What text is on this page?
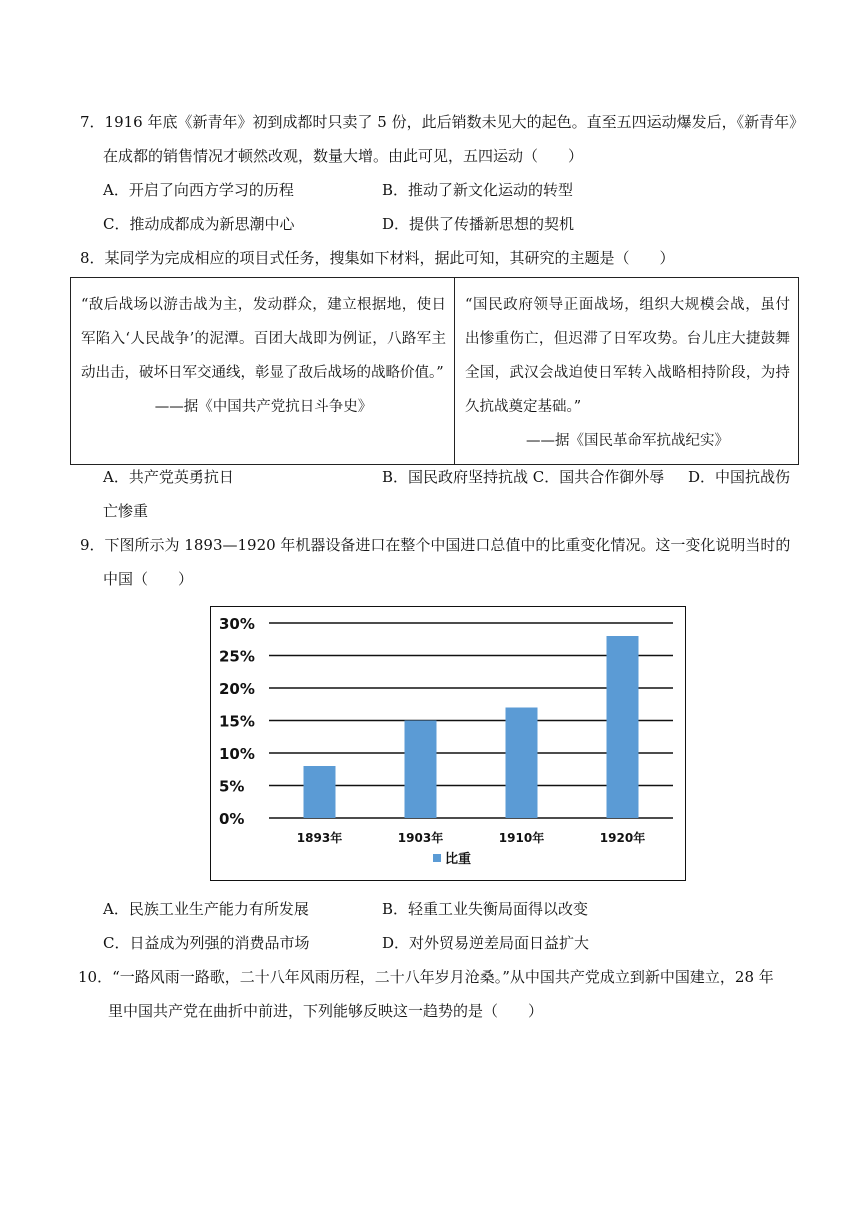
7．1916 年底《新青年》初到成都时只卖了 5 份，此后销数未见大的起色。直至五四运动爆发后，《新青年》
在成都的销售情况才顿然改观，数量大增。由此可见，五四运动（　　）
A．开启了向西方学习的历程	B．推动了新文化运动的转型
C．推动成都成为新思潮中心	D．提供了传播新思想的契机
8．某同学为完成相应的项目式任务，搜集如下材料，据此可知，其研究的主题是（　　）
“敌后战场以游击战为主，发动群众，建立根据地，使日军陷入‘人民战争’的泥潭。百团大战即为例证，八路军主动出击，破坏日军交通线，彰显了敌后战场的战略价值。”
——据《中国共产党抗日斗争史》
	“国民政府领导正面战场，组织大规模会战，虽付出惨重伤亡，但迟滞了日军攻势。台儿庄大捷鼓舞全国，武汉会战迫使日军转入战略相持阶段，为持久抗战奠定基础。”
——据《国民革命军抗战纪实》
A．共产党英勇抗日	B．国民政府坚持抗战 C．国共合作御外辱 D．中国抗战伤
亡惨重
9．下图所示为 1893—1920 年机器设备进口在整个中国进口总值中的比重变化情况。这一变化说明当时的
中国（　　）
0%
5%
10%
15%
20%
25%
30%
1893年	1903年	1910年	1920年
比重
A．民族工业生产能力有所发展	B．轻重工业失衡局面得以改变
C．日益成为列强的消费品市场	D．对外贸易逆差局面日益扩大
10．“一路风雨一路歌，二十八年风雨历程，二十八年岁月沧桑。”从中国共产党成立到新中国建立，28 年
里中国共产党在曲折中前进，下列能够反映这一趋势的是（　　）
